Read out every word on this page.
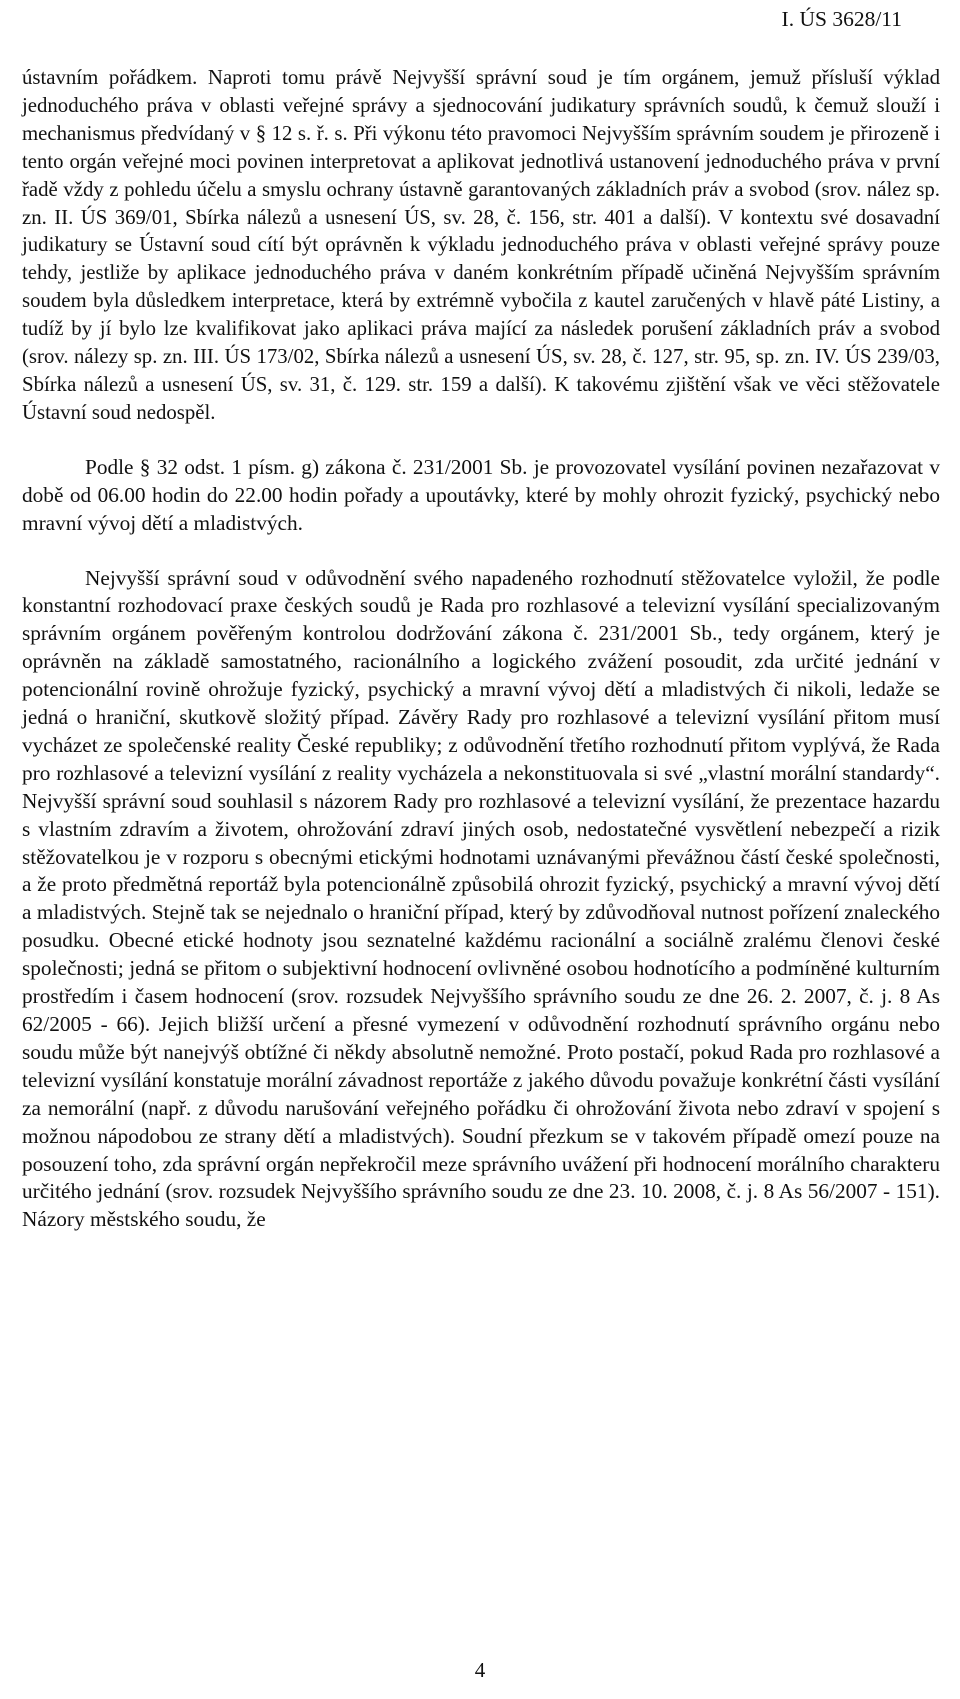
I. ÚS 3628/11

ústavním pořádkem. Naproti tomu právě Nejvyšší správní soud je tím orgánem, jemuž přísluší výklad jednoduchého práva v oblasti veřejné správy a sjednocování judikatury správních soudů, k čemuž slouží i mechanismus předvídaný v § 12 s. ř. s. Při výkonu této pravomoci Nejvyšším správním soudem je přirozeně i tento orgán veřejné moci povinen interpretovat a aplikovat jednotlivá ustanovení jednoduchého práva v první řadě vždy z pohledu účelu a smyslu ochrany ústavně garantovaných základních práv a svobod (srov. nález sp. zn. II. ÚS 369/01, Sbírka nálezů a usnesení ÚS, sv. 28, č. 156, str. 401 a další). V kontextu své dosavadní judikatury se Ústavní soud cítí být oprávněn k výkladu jednoduchého práva v oblasti veřejné správy pouze tehdy, jestliže by aplikace jednoduchého práva v daném konkrétním případě učiněná Nejvyšším správním soudem byla důsledkem interpretace, která by extrémně vybočila z kautel zaručených v hlavě páté Listiny, a tudíž by jí bylo lze kvalifikovat jako aplikaci práva mající za následek porušení základních práv a svobod (srov. nálezy sp. zn. III. ÚS 173/02, Sbírka nálezů a usnesení ÚS, sv. 28, č. 127, str. 95, sp. zn. IV. ÚS 239/03, Sbírka nálezů a usnesení ÚS, sv. 31, č. 129. str. 159 a další). K takovému zjištění však ve věci stěžovatele Ústavní soud nedospěl.

Podle § 32 odst. 1 písm. g) zákona č. 231/2001 Sb. je provozovatel vysílání povinen nezařazovat v době od 06.00 hodin do 22.00 hodin pořady a upoutávky, které by mohly ohrozit fyzický, psychický nebo mravní vývoj dětí a mladistvých.

Nejvyšší správní soud v odůvodnění svého napadeného rozhodnutí stěžovatelce vyložil, že podle konstantní rozhodovací praxe českých soudů je Rada pro rozhlasové a televizní vysílání specializovaným správním orgánem pověřeným kontrolou dodržování zákona č. 231/2001 Sb., tedy orgánem, který je oprávněn na základě samostatného, racionálního a logického zvážení posoudit, zda určité jednání v potencionální rovině ohrožuje fyzický, psychický a mravní vývoj dětí a mladistvých či nikoli, ledaže se jedná o hraniční, skutkově složitý případ. Závěry Rady pro rozhlasové a televizní vysílání přitom musí vycházet ze společenské reality České republiky; z odůvodnění třetího rozhodnutí přitom vyplývá, že Rada pro rozhlasové a televizní vysílání z reality vycházela a nekonstituovala si své „vlastní morální standardy“. Nejvyšší správní soud souhlasil s názorem Rady pro rozhlasové a televizní vysílání, že prezentace hazardu s vlastním zdravím a životem, ohrožování zdraví jiných osob, nedostatečné vysvětlení nebezpečí a rizik stěžovatelkou je v rozporu s obecnými etickými hodnotami uznávanými převážnou částí české společnosti, a že proto předmětná reportáž byla potencionálně způsobilá ohrozit fyzický, psychický a mravní vývoj dětí a mladistvých. Stejně tak se nejednalo o hraniční případ, který by zdůvodňoval nutnost pořízení znaleckého posudku. Obecné etické hodnoty jsou seznatelné každému racionální a sociálně zralému členovi české společnosti; jedná se přitom o subjektivní hodnocení ovlivněné osobou hodnotícího a podmíněné kulturním prostředím i časem hodnocení (srov. rozsudek Nejvyššího správního soudu ze dne 26. 2. 2007, č. j. 8 As 62/2005 - 66). Jejich bližší určení a přesné vymezení v odůvodnění rozhodnutí správního orgánu nebo soudu může být nanejvýš obtížné či někdy absolutně nemožné. Proto postačí, pokud Rada pro rozhlasové a televizní vysílání konstatuje morální závadnost reportáže z jakého důvodu považuje konkrétní části vysílání za nemorální (např. z důvodu narušování veřejného pořádku či ohrožování života nebo zdraví v spojení s možnou nápodobou ze strany dětí a mladistvých). Soudní přezkum se v takovém případě omezí pouze na posouzení toho, zda správní orgán nepřekročil meze správního uvážení při hodnocení morálního charakteru určitého jednání (srov. rozsudek Nejvyššího správního soudu ze dne 23. 10. 2008, č. j. 8 As 56/2007 - 151). Názory městského soudu, že

4
